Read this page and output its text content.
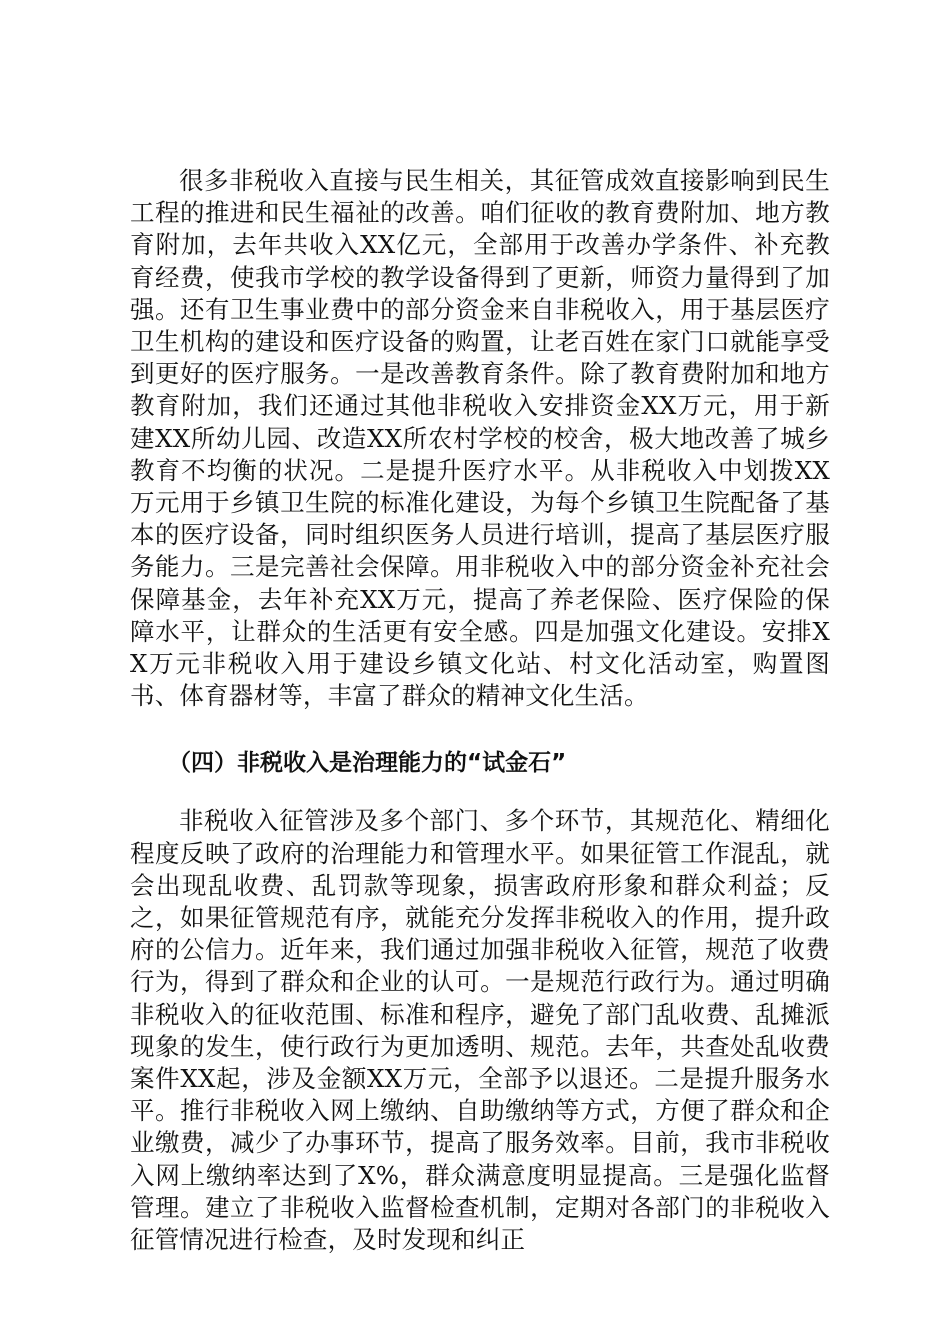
很多非税收入直接与民生相关，其征管成效直接影响到民生工程的推进和民生福祉的改善。咱们征收的教育费附加、地方教育附加，去年共收入XX亿元，全部用于改善办学条件、补充教育经费，使我市学校的教学设备得到了更新，师资力量得到了加强。还有卫生事业费中的部分资金来自非税收入，用于基层医疗卫生机构的建设和医疗设备的购置，让老百姓在家门口就能享受到更好的医疗服务。一是改善教育条件。除了教育费附加和地方教育附加，我们还通过其他非税收入安排资金XX万元，用于新建XX所幼儿园、改造XX所农村学校的校舍，极大地改善了城乡教育不均衡的状况。二是提升医疗水平。从非税收入中划拨XX万元用于乡镇卫生院的标准化建设，为每个乡镇卫生院配备了基本的医疗设备，同时组织医务人员进行培训，提高了基层医疗服务能力。三是完善社会保障。用非税收入中的部分资金补充社会保障基金，去年补充XX万元，提高了养老保险、医疗保险的保障水平，让群众的生活更有安全感。四是加强文化建设。安排XX万元非税收入用于建设乡镇文化站、村文化活动室，购置图书、体育器材等，丰富了群众的精神文化生活。

（四）非税收入是治理能力的“试金石”

非税收入征管涉及多个部门、多个环节，其规范化、精细化程度反映了政府的治理能力和管理水平。如果征管工作混乱，就会出现乱收费、乱罚款等现象，损害政府形象和群众利益；反之，如果征管规范有序，就能充分发挥非税收入的作用，提升政府的公信力。近年来，我们通过加强非税收入征管，规范了收费行为，得到了群众和企业的认可。一是规范行政行为。通过明确非税收入的征收范围、标准和程序，避免了部门乱收费、乱摊派现象的发生，使行政行为更加透明、规范。去年，共查处乱收费案件XX起，涉及金额XX万元，全部予以退还。二是提升服务水平。推行非税收入网上缴纳、自助缴纳等方式，方便了群众和企业缴费，减少了办事环节，提高了服务效率。目前，我市非税收入网上缴纳率达到了X%，群众满意度明显提高。三是强化监督管理。建立了非税收入监督检查机制，定期对各部门的非税收入征管情况进行检查，及时发现和纠正
